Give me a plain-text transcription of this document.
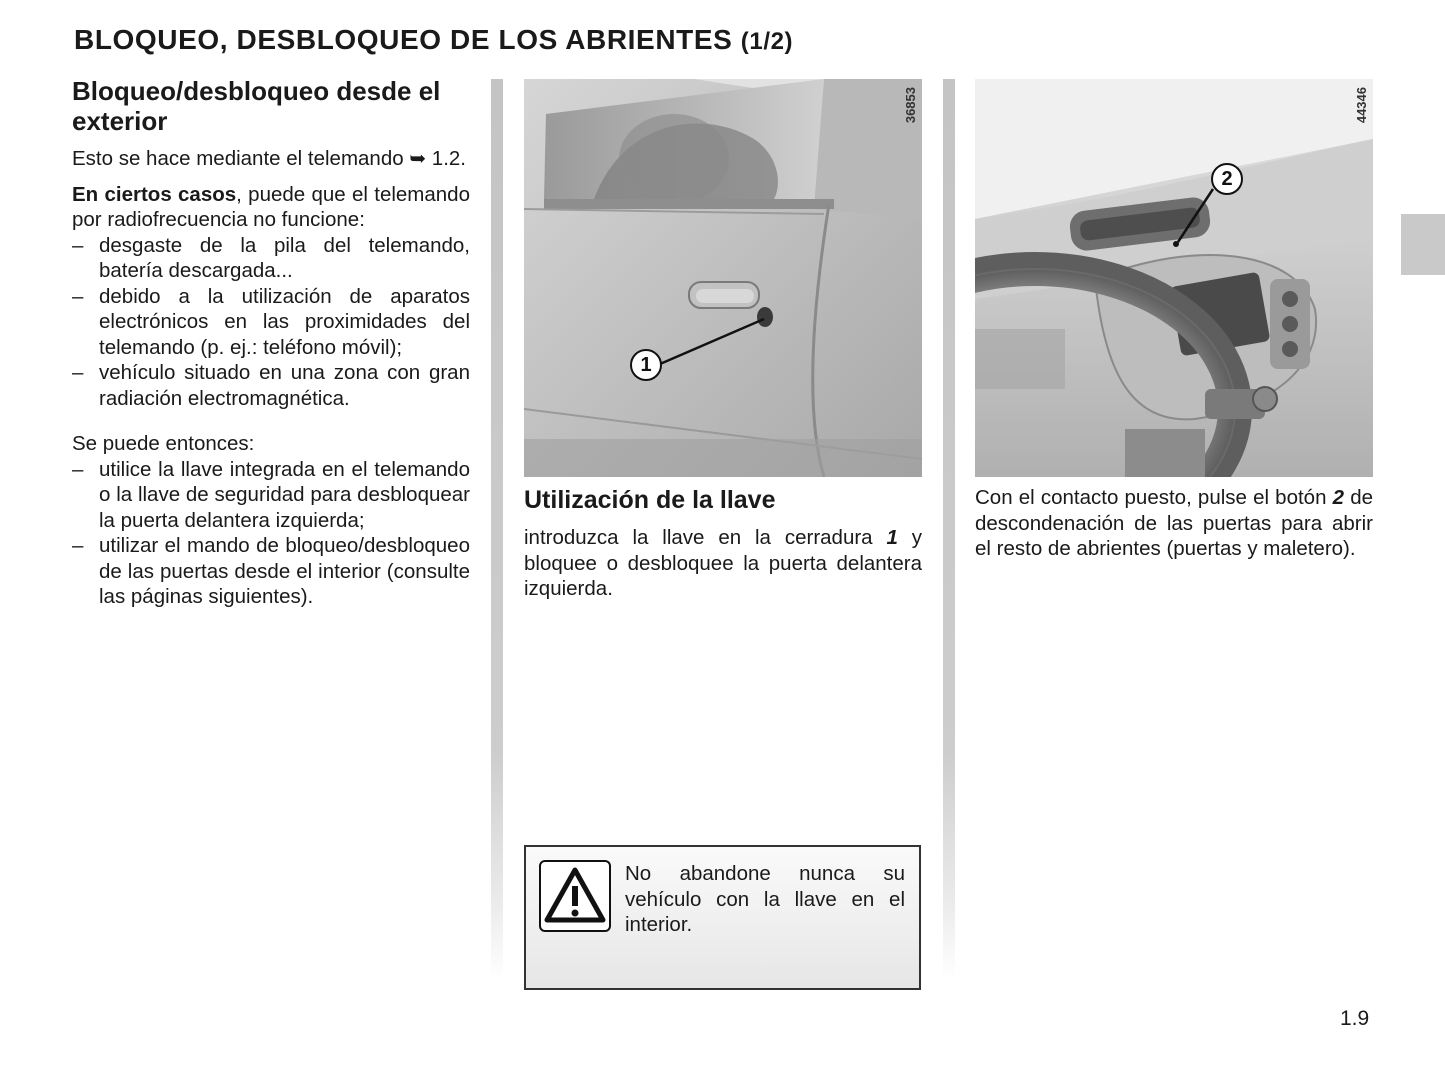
BLOQUEO, DESBLOQUEO DE LOS ABRIENTES (1/2)
Bloqueo/desbloqueo desde el exterior
Esto se hace mediante el telemando ➥ 1.2.
En ciertos casos, puede que el telemando por radiofrecuencia no funcione:
– desgaste de la pila del telemando, batería descargada...
– debido a la utilización de aparatos electrónicos en las proximidades del telemando (p. ej.: teléfono móvil);
– vehículo situado en una zona con gran radiación electromagnética.
Se puede entonces:
– utilice la llave integrada en el telemando o la llave de seguridad para desbloquear la puerta delantera izquierda;
– utilizar el mando de bloqueo/desbloqueo de las puertas desde el interior (consulte las páginas siguientes).
36853
1
Utilización de la llave
introduzca la llave en la cerradura 1 y bloquee o desbloquee la puerta delantera izquierda.
44346
2
Con el contacto puesto, pulse el botón 2 de descondenación de las puertas para abrir el resto de abrientes (puertas y maletero).
No abandone nunca su vehículo con la llave en el interior.
1.9
